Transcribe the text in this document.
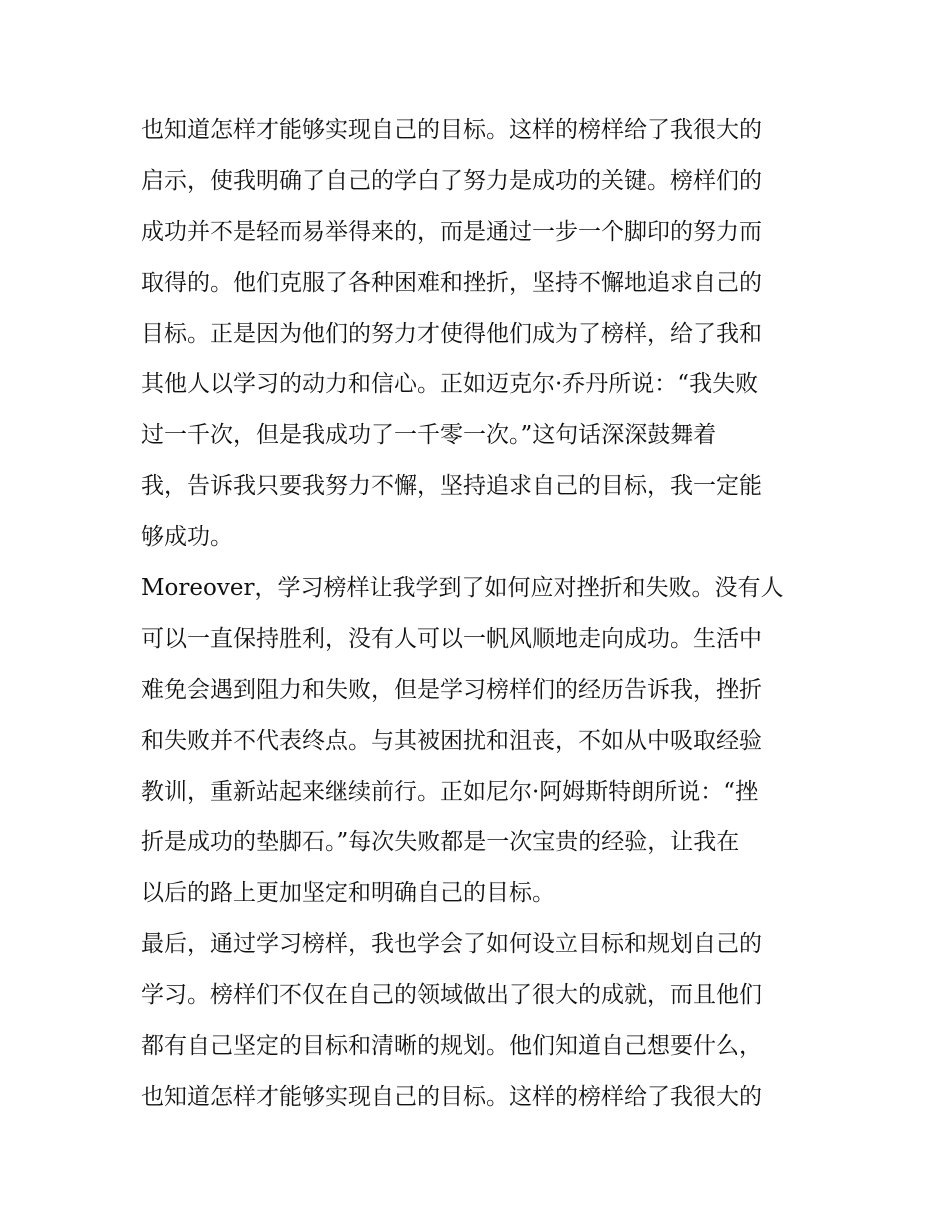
也知道怎样才能够实现自己的目标。这样的榜样给了我很大的
启示，使我明确了自己的学白了努力是成功的关键。榜样们的
成功并不是轻而易举得来的，而是通过一步一个脚印的努力而
取得的。他们克服了各种困难和挫折，坚持不懈地追求自己的
目标。正是因为他们的努力才使得他们成为了榜样，给了我和
其他人以学习的动力和信心。正如迈克尔·乔丹所说：“我失败
过一千次，但是我成功了一千零一次。”这句话深深鼓舞着
我，告诉我只要我努力不懈，坚持追求自己的目标，我一定能
够成功。
Moreover，学习榜样让我学到了如何应对挫折和失败。没有人
可以一直保持胜利，没有人可以一帆风顺地走向成功。生活中
难免会遇到阻力和失败，但是学习榜样们的经历告诉我，挫折
和失败并不代表终点。与其被困扰和沮丧，不如从中吸取经验
教训，重新站起来继续前行。正如尼尔·阿姆斯特朗所说：“挫
折是成功的垫脚石。”每次失败都是一次宝贵的经验，让我在
以后的路上更加坚定和明确自己的目标。
最后，通过学习榜样，我也学会了如何设立目标和规划自己的
学习。榜样们不仅在自己的领域做出了很大的成就，而且他们
都有自己坚定的目标和清晰的规划。他们知道自己想要什么，
也知道怎样才能够实现自己的目标。这样的榜样给了我很大的
